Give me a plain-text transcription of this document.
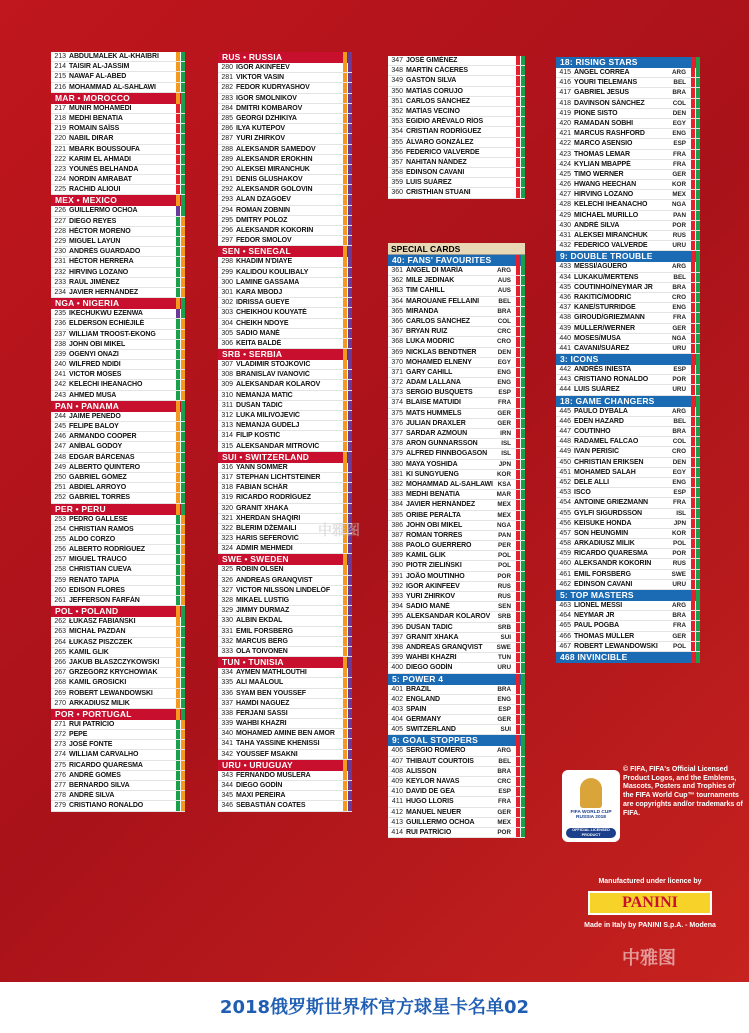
213 ABDULMALEK AL-KHAIBRI
214 TAISIR AL-JASSIM
215 NAWAF AL-ABED
216 MOHAMMAD AL-SAHLAWI
MAR • MOROCCO
217 MUNIR MOHAMEDI
218 MEDHI BENATIA
219 ROMAIN SAÏSS
220 NABIL DIRAR
221 MBARK BOUSSOUFA
222 KARIM EL AHMADI
223 YOUNÈS BELHANDA
224 NORDIN AMRABAT
225 RACHID ALIOUI
MEX • MEXICO
226 GUILLERMO OCHOA
227 DIEGO REYES
228 HÉCTOR MORENO
229 MIGUEL LAYÚN
230 ANDRÉS GUARDADO
231 HÉCTOR HERRERA
232 HIRVING LOZANO
233 RAÚL JIMÉNEZ
234 JAVIER HERNÁNDEZ
NGA • NIGERIA
235 IKECHUKWU EZENWA
236 ELDERSON ECHIÉJILÉ
237 WILLIAM TROOST-EKONG
238 JOHN OBI MIKEL
239 OGENYI ONAZI
240 WILFRED NDIDI
241 VICTOR MOSES
242 KELECHI IHEANACHO
243 AHMED MUSA
PAN • PANAMA
244 JAIME PENEDO
245 FELIPE BALOY
246 ARMANDO COOPER
247 ANÍBAL GODOY
248 EDGAR BÁRCENAS
249 ALBERTO QUINTERO
250 GABRIEL GÓMEZ
251 ABDIEL ARROYO
252 GABRIEL TORRES
PER • PERU
253 PEDRO GALLESE
254 CHRISTIAN RAMOS
255 ALDO CORZO
256 ALBERTO RODRÍGUEZ
257 MIGUEL TRAUCO
258 CHRISTIAN CUEVA
259 RENATO TAPIA
260 EDISON FLORES
261 JEFFERSON FARFÁN
POL • POLAND
262 ŁUKASZ FABIAŃSKI
263 MICHAŁ PAZDAN
264 ŁUKASZ PISZCZEK
265 KAMIL GLIK
266 JAKUB BŁASZCZYKOWSKI
267 GRZEGORZ KRYCHOWIAK
268 KAMIL GROSICKI
269 ROBERT LEWANDOWSKI
270 ARKADIUSZ MILIK
POR • PORTUGAL
271 RUI PATRÍCIO
272 PEPE
273 JOSÉ FONTE
274 WILLIAM CARVALHO
275 RICARDO QUARESMA
276 ANDRÉ GOMES
277 BERNARDO SILVA
278 ANDRÉ SILVA
279 CRISTIANO RONALDO
RUS • RUSSIA
280 IGOR AKINFEEV
281 VIKTOR VASIN
282 FEDOR KUDRYASHOV
283 IGOR SMOLNIKOV
284 DMITRI KOMBAROV
285 GEORGI DZHIKIYA
286 ILYA KUTEPOV
287 YURI ZHIRKOV
288 ALEKSANDR SAMEDOV
289 ALEKSANDR EROKHIN
290 ALEKSEI MIRANCHUK
291 DENIS GLUSHAKOV
292 ALEKSANDR GOLOVIN
293 ALAN DZAGOEV
294 ROMAN ZOBNIN
295 DMITRY POLOZ
296 ALEKSANDR KOKORIN
297 FEDOR SMOLOV
SEN • SENEGAL
298 KHADIM N'DIAYE
299 KALIDOU KOULIBALY
300 LAMINE GASSAMA
301 KARA MBODJ
302 IDRISSA GUEYE
303 CHEIKHOU KOUYATÉ
304 CHEIKH NDOYE
305 SADIO MANÉ
306 KEITA BALDÉ
SRB • SERBIA
307 VLADIMIR STOJKOVIĆ
308 BRANISLAV IVANOVIĆ
309 ALEKSANDAR KOLAROV
310 NEMANJA MATIĆ
311 DUŠAN TADIĆ
312 LUKA MILIVOJEVIĆ
313 NEMANJA GUDELJ
314 FILIP KOSTIĆ
315 ALEKSANDAR MITROVIĆ
SUI • SWITZERLAND
316 YANN SOMMER
317 STEPHAN LICHTSTEINER
318 FABIAN SCHÄR
319 RICARDO RODRÍGUEZ
320 GRANIT XHAKA
321 XHERDAN SHAQIRI
322 BLERIM DŽEMAILI
323 HARIS SEFEROVIĆ
324 ADMIR MEHMEDI
SWE • SWEDEN
325 ROBIN OLSEN
326 ANDREAS GRANQVIST
327 VICTOR NILSSON LINDELÖF
328 MIKAEL LUSTIG
329 JIMMY DURMAZ
330 ALBIN EKDAL
331 EMIL FORSBERG
332 MARCUS BERG
333 OLA TOIVONEN
TUN • TUNISIA
334 AYMEN MATHLOUTHI
335 ALI MAÂLOUL
336 SYAM BEN YOUSSEF
337 HAMDI NAGUEZ
338 FERJANI SASSI
339 WAHBI KHAZRI
340 MOHAMED AMINE BEN AMOR
341 TAHA YASSINE KHENISSI
342 YOUSSEF MSAKNI
URU • URUGUAY
343 FERNANDO MUSLERA
344 DIEGO GODÍN
345 MAXI PEREIRA
346 SEBASTIÁN COATES
347 JOSÉ GIMÉNEZ
348 MARTÍN CÁCERES
349 GASTÓN SILVA
350 MATÍAS CORUJO
351 CARLOS SÁNCHEZ
352 MATÍAS VECINO
353 EGIDIO ARÉVALO RÍOS
354 CRISTIAN RODRÍGUEZ
355 ÁLVARO GONZÁLEZ
356 FEDERICO VALVERDE
357 NAHITAN NÁNDEZ
358 EDINSON CAVANI
359 LUIS SUÁREZ
360 CRISTHIAN STUANI
SPECIAL CARDS
40: FANS' FAVOURITES
361 ÁNGEL DI MARÍA	ARG
362 MILE JEDINAK	AUS
363 TIM CAHILL	AUS
364 MAROUANE FELLAINI	BEL
365 MIRANDA	BRA
366 CARLOS SÁNCHEZ	COL
367 BRYAN RUIZ	CRC
368 LUKA MODRIĆ	CRO
369 NICKLAS BENDTNER	DEN
370 MOHAMED ELNENY	EGY
371 GARY CAHILL	ENG
372 ADAM LALLANA	ENG
373 SERGIO BUSQUETS	ESP
374 BLAISE MATUIDI	FRA
375 MATS HUMMELS	GER
376 JULIAN DRAXLER	GER
377 SARDAR AZMOUN	IRN
378 ARON GUNNARSSON	ISL
379 ALFRED FINNBOGASON ISL
380 MAYA YOSHIDA	JPN
381 KI SUNGYUENG	KOR
382 MOHAMMAD AL-SAHLAWI KSA
383 MEDHI BENATIA	MAR
384 JAVIER HERNÁNDEZ	MEX
385 ORIBE PERALTA	MEX
386 JOHN OBI MIKEL	NGA
387 ROMAN TORRES	PAN
388 PAOLO GUERRERO	PER
389 KAMIL GLIK	POL
390 PIOTR ZIELIŃSKI	POL
391 JOÃO MOUTINHO	POR
392 IGOR AKINFEEV	RUS
393 YURI ZHIRKOV	RUS
394 SADIO MANÉ	SEN
395 ALEKSANDAR KOLAROV SRB
396 DUŠAN TADIĆ	SRB
397 GRANIT XHAKA	SUI
398 ANDREAS GRANQVIST SWE
399 WAHBI KHAZRI	TUN
400 DIEGO GODÍN	URU
5: POWER 4
401 BRAZIL	BRA
402 ENGLAND	ENG
403 SPAIN	ESP
404 GERMANY	GER
405 SWITZERLAND	SUI
9: GOAL STOPPERS
406 SERGIO ROMERO	ARG
407 THIBAUT COURTOIS	BEL
408 ALISSON	BRA
409 KEYLOR NAVAS	CRC
410 DAVID DE GEA	ESP
411 HUGO LLORIS	FRA
412 MANUEL NEUER	GER
413 GUILLERMO OCHOA	MEX
414 RUI PATRÍCIO	POR
18: RISING STARS
415 ÁNGEL CORREA	ARG
416 YOURI TIELEMANS	BEL
417 GABRIEL JESUS	BRA
418 DAVINSON SÁNCHEZ	COL
419 PIONE SISTO	DEN
420 RAMADAN SOBHI	EGY
421 MARCUS RASHFORD	ENG
422 MARCO ASENSIO	ESP
423 THOMAS LEMAR	FRA
424 KYLIAN MBAPPÉ	FRA
425 TIMO WERNER	GER
426 HWANG HEECHAN	KOR
427 HIRVING LOZANO	MEX
428 KELECHI IHEANACHO	NGA
429 MICHAEL MURILLO	PAN
430 ANDRÉ SILVA	POR
431 ALEKSEI MIRANCHUK	RUS
432 FEDERICO VALVERDE	URU
9: DOUBLE TROUBLE
433 MESSI/AGÜERO	ARG
434 LUKAKU/MERTENS	BEL
435 COUTINHO/NEYMAR JR	BRA
436 RAKITIĆ/MODRIĆ	CRO
437 KANE/STURRIDGE	ENG
438 GIROUD/GRIEZMANN	FRA
439 MÜLLER/WERNER	GER
440 MOSES/MUSA	NGA
441 CAVANI/SUÁREZ	URU
3: ICONS
442 ANDRÉS INIESTA	ESP
443 CRISTIANO RONALDO	POR
444 LUIS SUÁREZ	URU
18: GAME CHANGERS
445 PAULO DYBALA	ARG
446 EDEN HAZARD	BEL
447 COUTINHO	BRA
448 RADAMEL FALCAO	COL
449 IVAN PERIŠIĆ	CRO
450 CHRISTIAN ERIKSEN	DEN
451 MOHAMED SALAH	EGY
452 DELE ALLI	ENG
453 ISCO	ESP
454 ANTOINE GRIEZMANN	FRA
455 GYLFI SIGURDSSON	ISL
456 KEISUKE HONDA	JPN
457 SON HEUNGMIN	KOR
458 ARKADIUSZ MILIK	POL
459 RICARDO QUARESMA	POR
460 ALEKSANDR KOKORIN	RUS
461 EMIL FORSBERG	SWE
462 EDINSON CAVANI	URU
5: TOP MASTERS
463 LIONEL MESSI	ARG
464 NEYMAR JR	BRA
465 PAUL POGBA	FRA
466 THOMAS MÜLLER	GER
467 ROBERT LEWANDOWSKI POL
468 INVINCIBLE
FIFA WORLD CUP RUSSIA 2018
OFFICIAL LICENSED PRODUCT
© FIFA, FIFA's Official Licensed Product Logos, and the Emblems, Mascots, Posters and Trophies of the FIFA World Cup™ tournaments are copyrights and/or trademarks of FIFA.
Manufactured under licence by
PANINI
Made in Italy by PANINI S.p.A. - Modena
中雅图
中雅图
2018俄罗斯世界杯官方球星卡名单02
